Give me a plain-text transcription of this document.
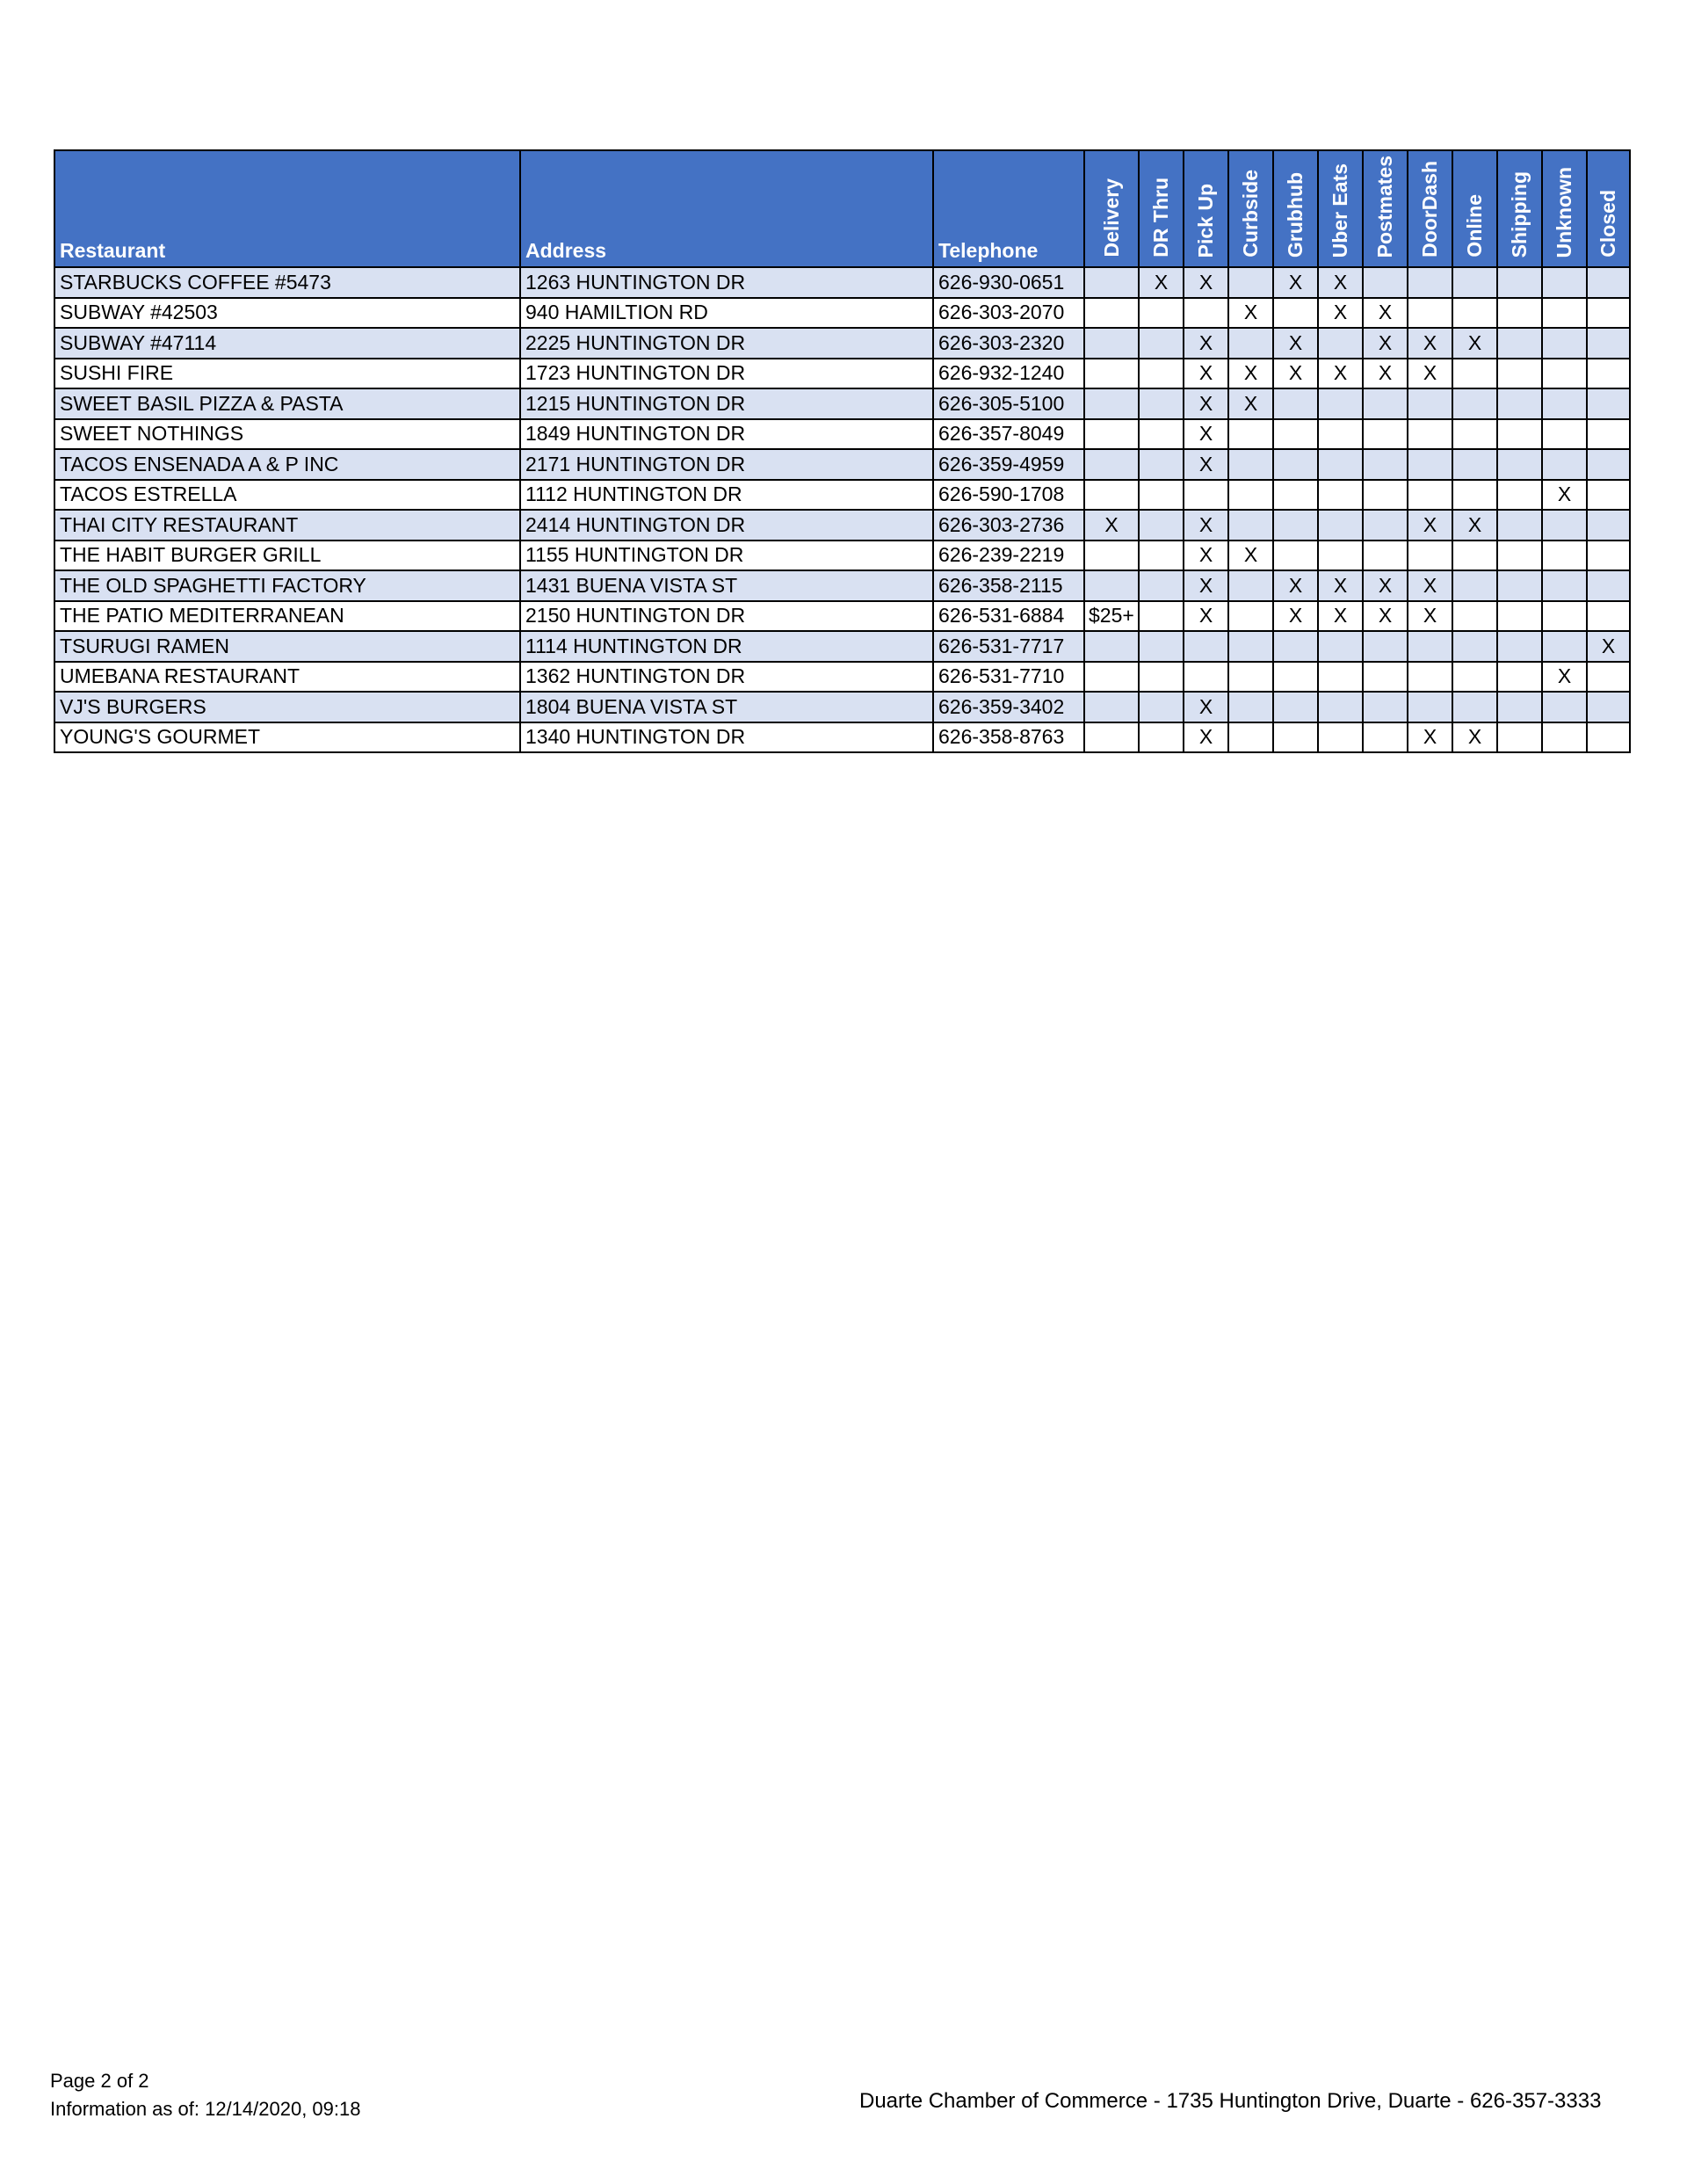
Restaurant	Address	Telephone	Delivery	DR Thru	Pick Up	Curbside	Grubhub	Uber Eats	Postmates	DoorDash	Online	Shipping	Unknown	Closed
STARBUCKS COFFEE #5473	1263 HUNTINGTON DR	626-930-0651		X	X		X	X						
SUBWAY #42503	940 HAMILTION RD	626-303-2070				X		X	X					
SUBWAY #47114	2225 HUNTINGTON DR	626-303-2320			X		X		X	X	X			
SUSHI FIRE	1723 HUNTINGTON DR	626-932-1240			X	X	X	X	X	X				
SWEET BASIL PIZZA & PASTA	1215 HUNTINGTON DR	626-305-5100			X	X								
SWEET NOTHINGS	1849 HUNTINGTON DR	626-357-8049			X									
TACOS ENSENADA A & P INC	2171 HUNTINGTON DR	626-359-4959			X									
TACOS ESTRELLA	1112 HUNTINGTON DR	626-590-1708											X	
THAI CITY RESTAURANT	2414 HUNTINGTON DR	626-303-2736	X		X					X	X			
THE HABIT BURGER GRILL	1155 HUNTINGTON DR	626-239-2219			X	X								
THE OLD SPAGHETTI FACTORY	1431 BUENA VISTA ST	626-358-2115			X		X	X	X	X				
THE PATIO MEDITERRANEAN	2150 HUNTINGTON DR	626-531-6884	$25+		X		X	X	X	X				
TSURUGI RAMEN	1114 HUNTINGTON DR	626-531-7717												X
UMEBANA RESTAURANT	1362 HUNTINGTON DR	626-531-7710											X	
VJ'S BURGERS	1804 BUENA VISTA ST	626-359-3402			X									
YOUNG'S GOURMET	1340 HUNTINGTON DR	626-358-8763			X					X	X			
Page 2 of 2
Information as of: 12/14/2020, 09:18	Duarte Chamber of Commerce - 1735 Huntington Drive, Duarte - 626-357-3333
